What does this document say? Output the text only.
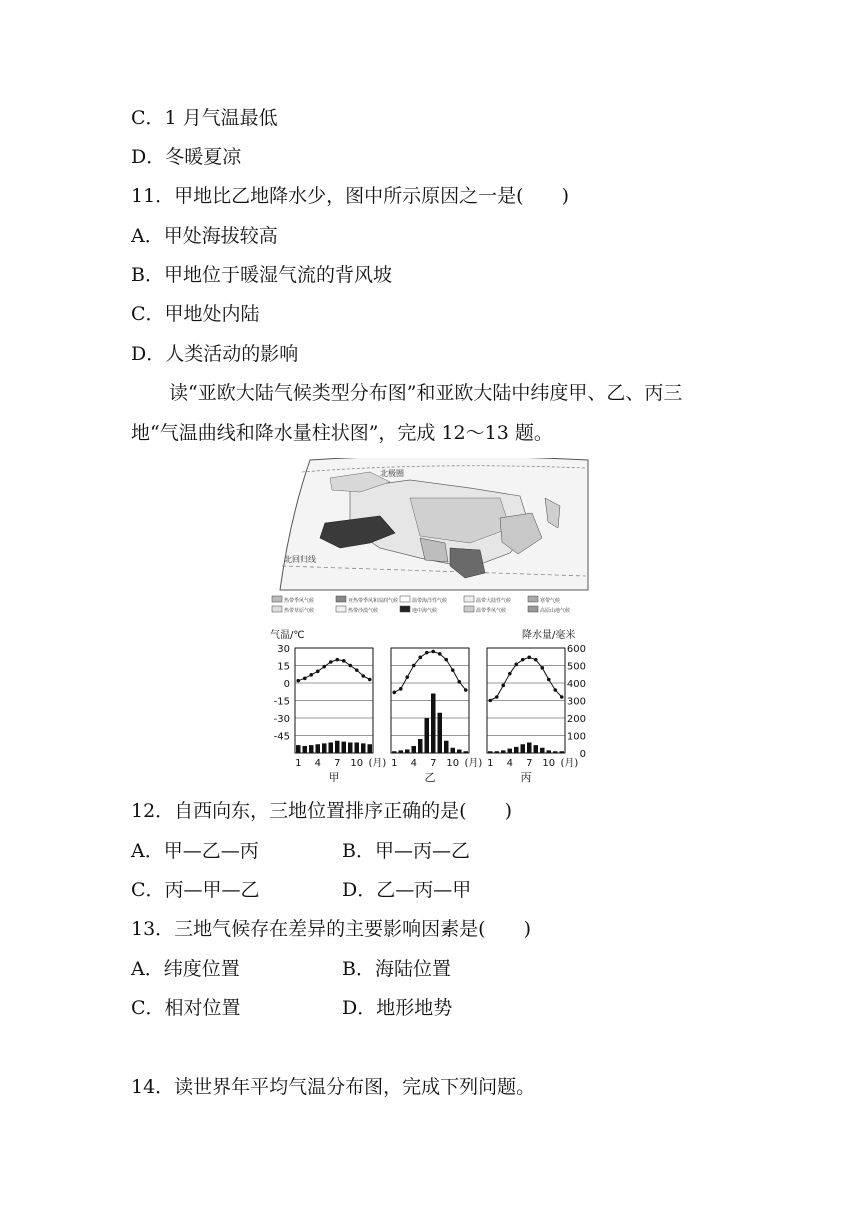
C．1 月气温最低
D．冬暖夏凉
11．甲地比乙地降水少，图中所示原因之一是(　　)
A．甲处海拔较高
B．甲地位于暖湿气流的背风坡
C．甲地处内陆
D．人类活动的影响
读“亚欧大陆气候类型分布图”和亚欧大陆中纬度甲、乙、丙三
地“气温曲线和降水量柱状图”，完成 12～13 题。
北极圈
北回归线
热带季风气候	亚热带季风和湿润气候	温带海洋性气候	温带大陆性气候	寒带气候
热带草原气候	热带沙漠气候	地中海气候	温带季风气候	高原山地气候
气温/℃	降水量/毫米
30
15
0
-15
-30
-45
600
500
400
300
200
100
0
1 4 7 10 (月)
甲
1 4 7 10 (月)
乙
1 4 7 10 (月)
丙
12．自西向东，三地位置排序正确的是(　　)
A．甲—乙—丙	B．甲—丙—乙
C．丙—甲—乙	D．乙—丙—甲
13．三地气候存在差异的主要影响因素是(　　)
A．纬度位置	B．海陆位置
C．相对位置	D．地形地势
14．读世界年平均气温分布图，完成下列问题。
